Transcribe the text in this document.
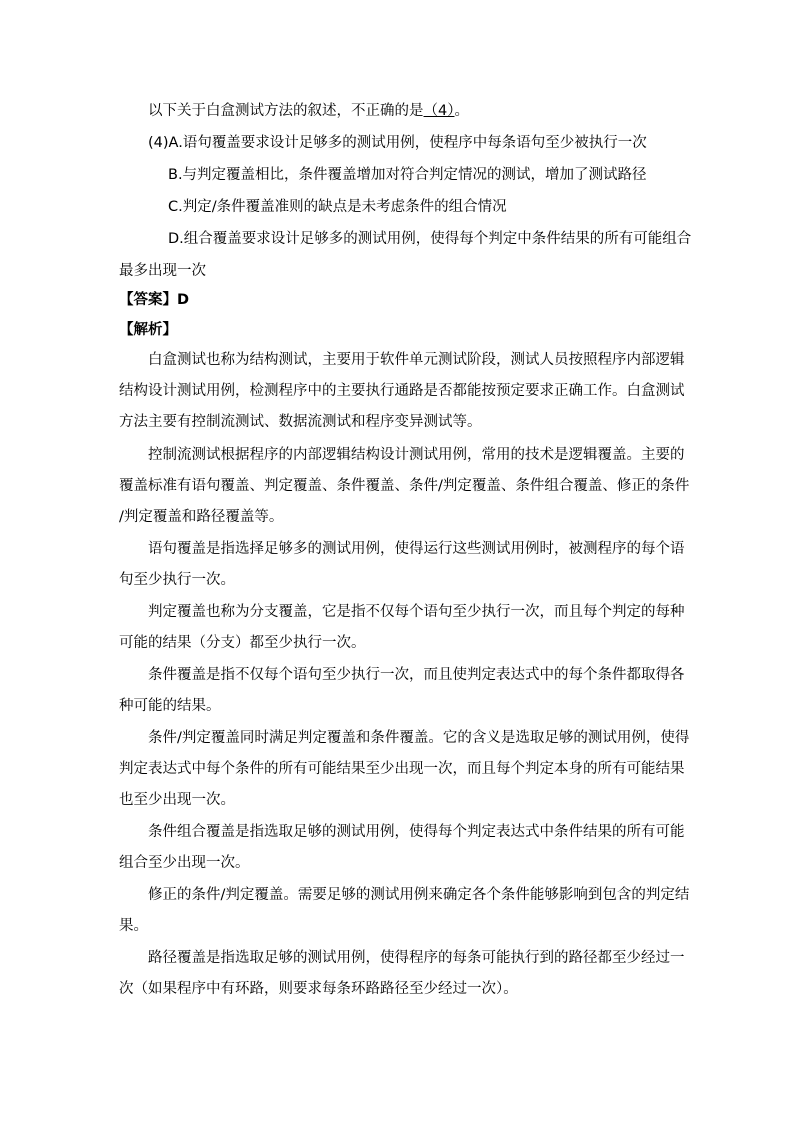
以下关于白盒测试方法的叙述，不正确的是（4）。
(4)A.语句覆盖要求设计足够多的测试用例，使程序中每条语句至少被执行一次
B.与判定覆盖相比，条件覆盖增加对符合判定情况的测试，增加了测试路径
C.判定/条件覆盖准则的缺点是未考虑条件的组合情况
D.组合覆盖要求设计足够多的测试用例，使得每个判定中条件结果的所有可能组合
最多出现一次
【答案】D
【解析】
白盒测试也称为结构测试，主要用于软件单元测试阶段，测试人员按照程序内部逻辑
结构设计测试用例，检测程序中的主要执行通路是否都能按预定要求正确工作。白盒测试
方法主要有控制流测试、数据流测试和程序变异测试等。
控制流测试根据程序的内部逻辑结构设计测试用例，常用的技术是逻辑覆盖。主要的
覆盖标准有语句覆盖、判定覆盖、条件覆盖、条件/判定覆盖、条件组合覆盖、修正的条件
/判定覆盖和路径覆盖等。
语句覆盖是指选择足够多的测试用例，使得运行这些测试用例时，被测程序的每个语
句至少执行一次。
判定覆盖也称为分支覆盖，它是指不仅每个语句至少执行一次，而且每个判定的每种
可能的结果（分支）都至少执行一次。
条件覆盖是指不仅每个语句至少执行一次，而且使判定表达式中的每个条件都取得各
种可能的结果。
条件/判定覆盖同时满足判定覆盖和条件覆盖。它的含义是选取足够的测试用例，使得
判定表达式中每个条件的所有可能结果至少出现一次，而且每个判定本身的所有可能结果
也至少出现一次。
条件组合覆盖是指选取足够的测试用例，使得每个判定表达式中条件结果的所有可能
组合至少出现一次。
修正的条件/判定覆盖。需要足够的测试用例来确定各个条件能够影响到包含的判定结
果。
路径覆盖是指选取足够的测试用例，使得程序的每条可能执行到的路径都至少经过一
次（如果程序中有环路，则要求每条环路路径至少经过一次）。
